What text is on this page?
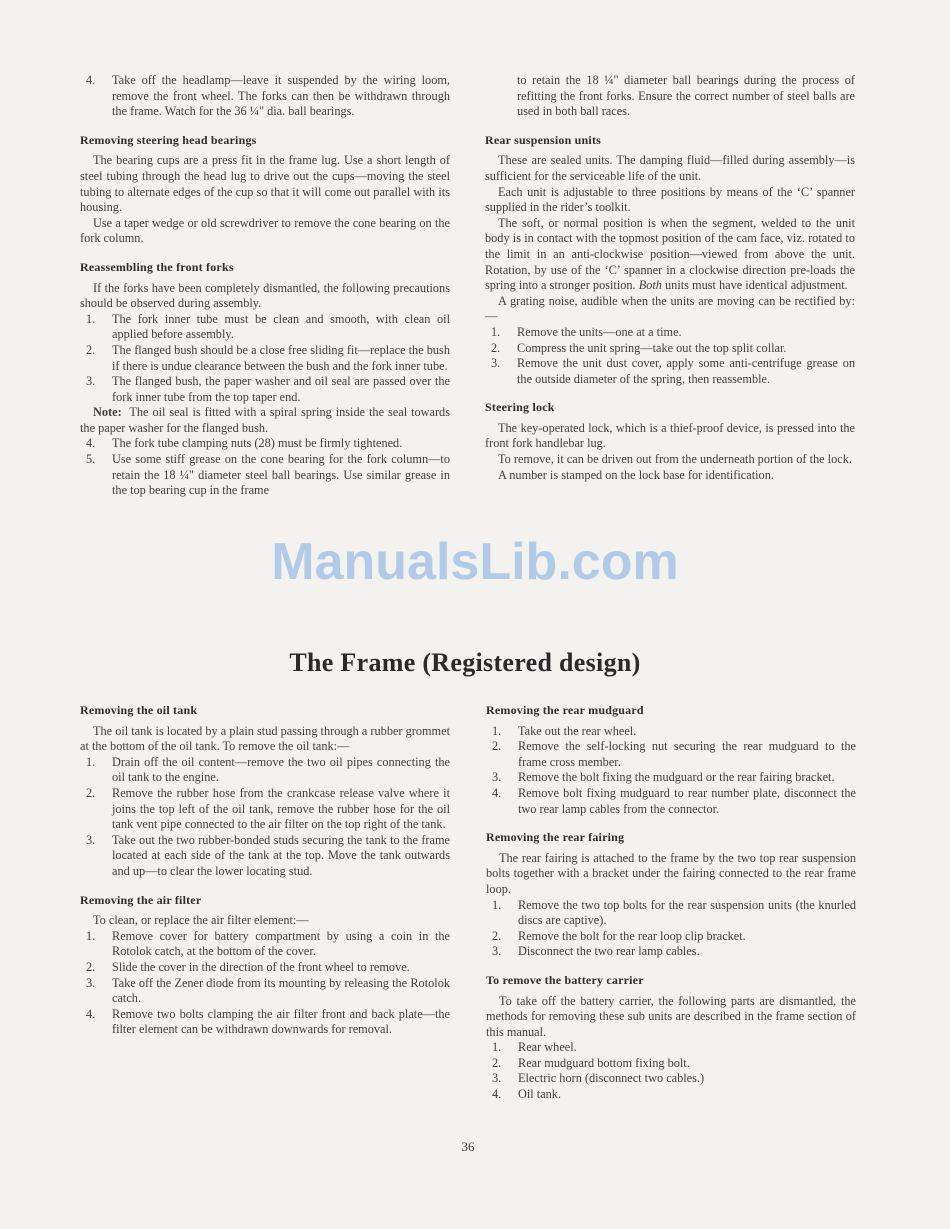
4.	Take off the headlamp—leave it suspended by the wiring loom, remove the front wheel. The forks can then be withdrawn through the frame. Watch for the 36 ¼" dia. ball bearings.
Removing steering head bearings

The bearing cups are a press fit in the frame lug. Use a short length of steel tubing through the head lug to drive out the cups—moving the steel tubing to alternate edges of the cup so that it will come out parallel with its housing.

Use a taper wedge or old screwdriver to remove the cone bearing on the fork column.

Reassembling the front forks

If the forks have been completely dismantled, the following precautions should be observed during assembly.

1.	The fork inner tube must be clean and smooth, with clean oil applied before assembly.
2.	The flanged bush should be a close free sliding fit—replace the bush if there is undue clearance between the bush and the fork inner tube.
3.	The flanged bush, the paper washer and oil seal are passed over the fork inner tube from the top taper end.

Note: The oil seal is fitted with a spiral spring inside the seal towards the paper washer for the flanged bush.

4.	The fork tube clamping nuts (28) must be firmly tightened.
5.	Use some stiff grease on the cone bearing for the fork column—to retain the 18 ¼" diameter steel ball bearings. Use similar grease in the top bearing cup in the frame

to retain the 18 ¼" diameter ball bearings during the process of refitting the front forks. Ensure the correct number of steel balls are used in both ball races.

Rear suspension units

These are sealed units. The damping fluid—filled during assembly—is sufficient for the serviceable life of the unit.

Each unit is adjustable to three positions by means of the ‘C’ spanner supplied in the rider’s toolkit.

The soft, or normal position is when the segment, welded to the unit body is in contact with the topmost position of the cam face, viz. rotated to the limit in an anti-clockwise position—viewed from above the unit. Rotation, by use of the ‘C’ spanner in a clockwise direction pre-loads the spring into a stronger position. Both units must have identical adjustment.

A grating noise, audible when the units are moving can be rectified by:—

1.	Remove the units—one at a time.
2.	Compress the unit spring—take out the top split collar.
3.	Remove the unit dust cover, apply some anti-centrifuge grease on the outside diameter of the spring, then reassemble.
Steering lock

The key-operated lock, which is a thief-proof device, is pressed into the front fork handlebar lug.

To remove, it can be driven out from the underneath portion of the lock.

A number is stamped on the lock base for identification.

ManualsLib.com
The Frame (Registered design)
Removing the oil tank

The oil tank is located by a plain stud passing through a rubber grommet at the bottom of the oil tank. To remove the oil tank:—

1.	Drain off the oil content—remove the two oil pipes connecting the oil tank to the engine.
2.	Remove the rubber hose from the crankcase release valve where it joins the top left of the oil tank, remove the rubber hose for the oil tank vent pipe connected to the air filter on the top right of the tank.
3.	Take out the two rubber-bonded studs securing the tank to the frame located at each side of the tank at the top. Move the tank outwards and up—to clear the lower locating stud.
Removing the air filter

To clean, or replace the air filter element:—

1.	Remove cover for battery compartment by using a coin in the Rotolok catch, at the bottom of the cover.
2.	Slide the cover in the direction of the front wheel to remove.
3.	Take off the Zener diode from its mounting by releasing the Rotolok catch.
4.	Remove two bolts clamping the air filter front and back plate—the filter element can be withdrawn downwards for removal.
Removing the rear mudguard
1.	Take out the rear wheel.
2.	Remove the self-locking nut securing the rear mudguard to the frame cross member.
3.	Remove the bolt fixing the mudguard or the rear fairing bracket.
4.	Remove bolt fixing mudguard to rear number plate, disconnect the two rear lamp cables from the connector.
Removing the rear fairing

The rear fairing is attached to the frame by the two top rear suspension bolts together with a bracket under the fairing connected to the rear frame loop.

1.	Remove the two top bolts for the rear suspension units (the knurled discs are captive).
2.	Remove the bolt for the rear loop clip bracket.
3.	Disconnect the two rear lamp cables.
To remove the battery carrier

To take off the battery carrier, the following parts are dismantled, the methods for removing these sub units are described in the frame section of this manual.

1.	Rear wheel.
2.	Rear mudguard bottom fixing bolt.
3.	Electric horn (disconnect two cables.)
4.	Oil tank.
36
